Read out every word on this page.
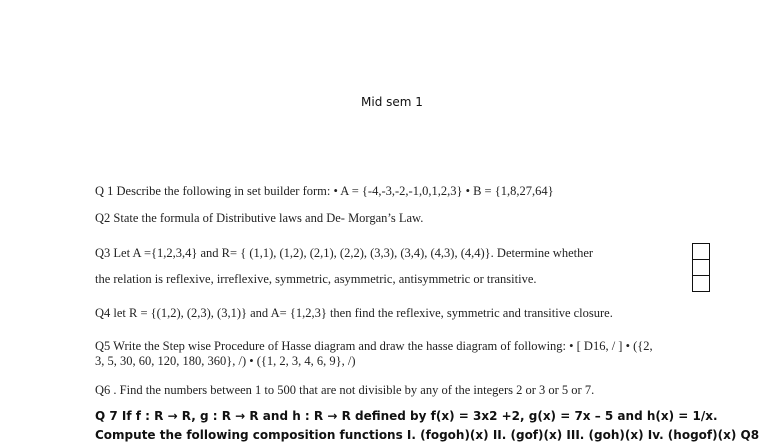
Mid sem 1
Q 1 Describe the following in set builder form: • A = {-4,-3,-2,-1,0,1,2,3} • B = {1,8,27,64}
Q2 State the formula of Distributive laws and De- Morgan’s Law.
Q3 Let A ={1,2,3,4} and R= { (1,1), (1,2), (2,1), (2,2), (3,3), (3,4), (4,3), (4,4)}. Determine whether
the relation is reflexive, irreflexive, symmetric, asymmetric, antisymmetric or transitive.
Q4 let R = {(1,2), (2,3), (3,1)} and A= {1,2,3} then find the reflexive, symmetric and transitive closure.
Q5 Write the Step wise Procedure of Hasse diagram and draw the hasse diagram of following: • [ D16, / ] • ({2,
3, 5, 30, 60, 120, 180, 360}, /) • ({1, 2, 3, 4, 6, 9}, /)
Q6 . Find the numbers between 1 to 500 that are not divisible by any of the integers 2 or 3 or 5 or 7.
Q 7 If f : R → R, g : R → R and h : R → R defined by f(x) = 3x2 +2, g(x) = 7x – 5 and h(x) = 1/x.
Compute the following composition functions I. (fogoh)(x) II. (gof)(x) III. (goh)(x) Iv. (hogof)(x) Q8
